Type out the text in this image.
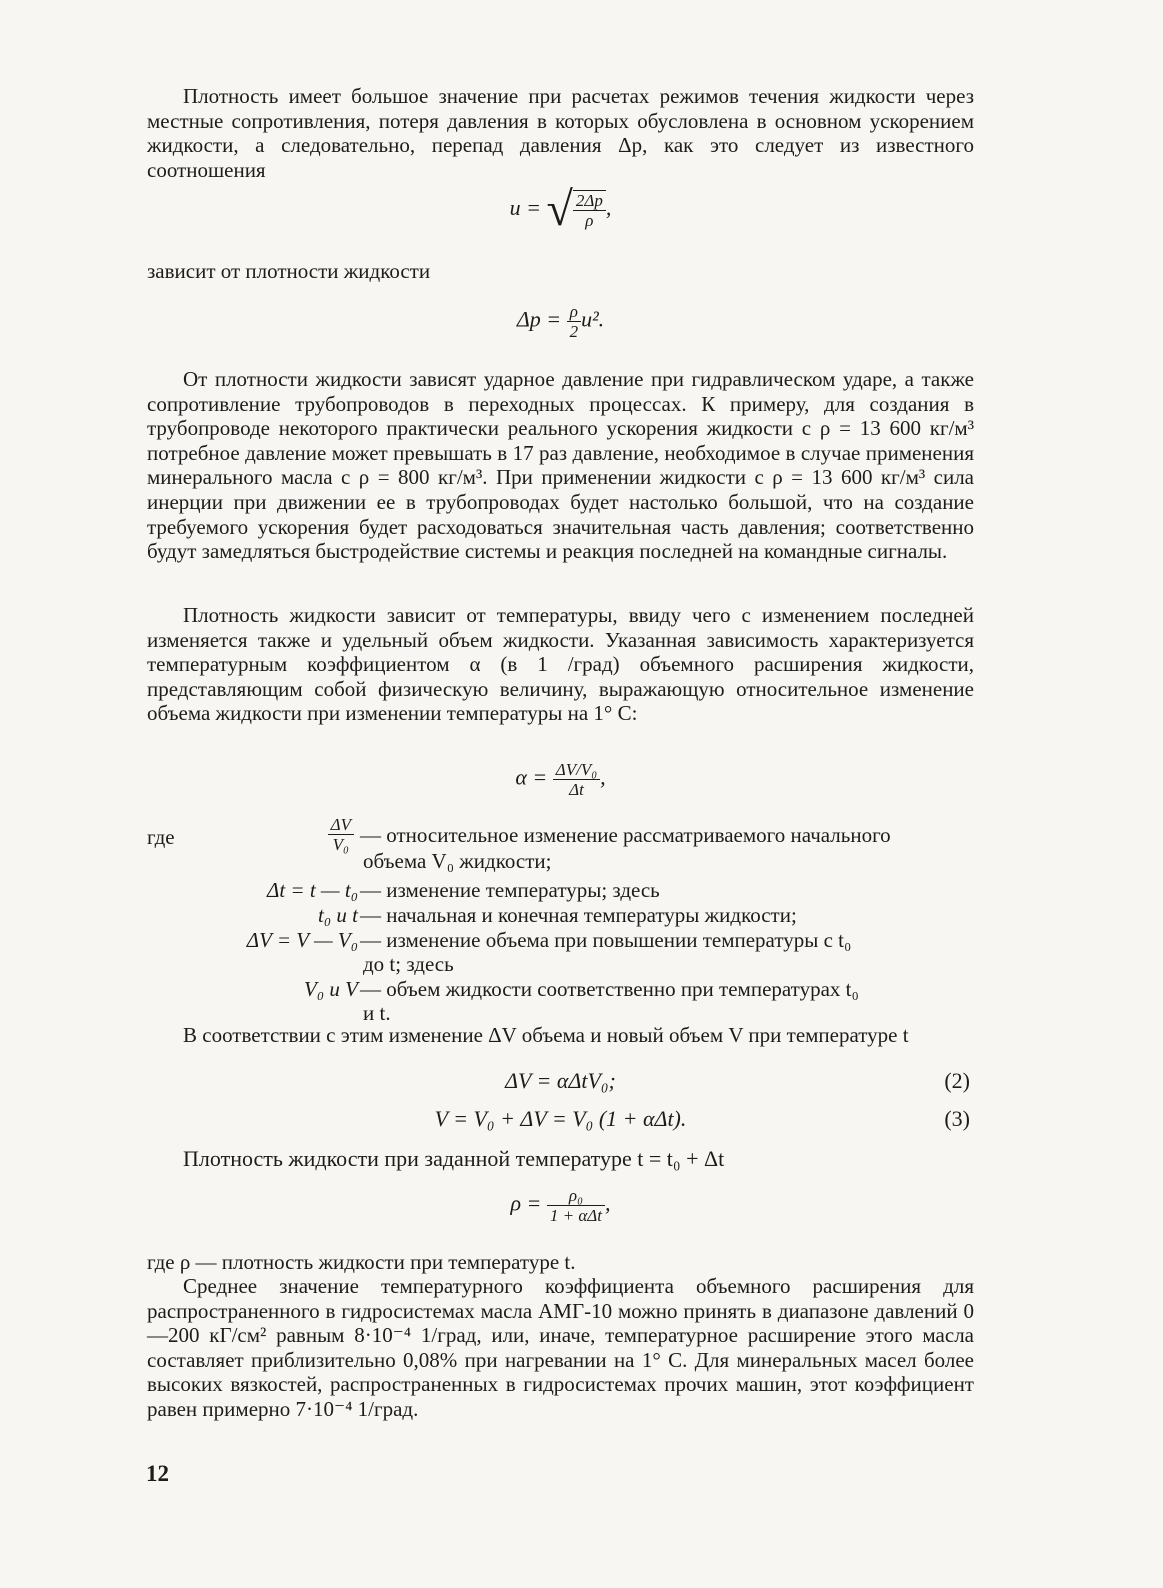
Плотность имеет большое значение при расчетах режимов течения жидкости через местные сопротивления, потеря давления в которых обусловлена в основном ускорением жидкости, а следовательно, перепад давления Δp, как это следует из известного соотношения

u = √ $\frac{2\Delta p}{\rho}$ ,

зависит от плотности жидкости

$\Delta p = \frac{\rho}{2} u^2$.

От плотности жидкости зависят ударное давление при гидравлическом ударе, а также сопротивление трубопроводов в переходных процессах. К примеру, для создания в трубопроводе некоторого практически реального ускорения жидкости с ρ = 13 600 кг/м³ потребное давление может превышать в 17 раз давление, необходимое в случае применения минерального масла с ρ = 800 кг/м³. При применении жидкости с ρ = 13 600 кг/м³ сила инерции при движении ее в трубопроводах будет настолько большой, что на создание требуемого ускорения будет расходоваться значительная часть давления; соответственно будут замедляться быстродействие системы и реакция последней на командные сигналы.

Плотность жидкости зависит от температуры, ввиду чего с изменением последней изменяется также и удельный объем жидкости. Указанная зависимость характеризуется температурным коэффициентом α (в 1 /град) объемного расширения жидкости, представляющим собой физическую величину, выражающую относительное изменение объема жидкости при изменении температуры на 1° С:

$\alpha = \frac{\text{ΔV/V₀}}{\Delta t}$ ,
где	$\frac{\Delta V}{\text{V₀}}$ — относительное изменение рассматриваемого начального
объема V₀ жидкости;
Δt = t — t₀ — изменение температуры; здесь
t₀ и t — начальная и конечная температуры жидкости;
ΔV = V — V₀ — изменение объема при повышении температуры с t₀
до t; здесь
V₀ и V — объем жидкости соответственно при температурах t₀
и t.

В соответствии с этим изменение ΔV объема и новый объем V при температуре t

ΔV = αΔtV₀;	(2)
V = V₀ + ΔV = V₀ (1 + αΔt).	(3)

Плотность жидкости при заданной температуре t = t₀ + Δt

$\rho = \frac{\text{ρ₀}}{\text{1 + αΔt}}$ ,

где ρ — плотность жидкости при температуре t.

Среднее значение температурного коэффициента объемного расширения для распространенного в гидросистемах масла АМГ-10 можно принять в диапазоне давлений 0—200 кГ/см² равным 8·10⁻⁴ 1/град, или, иначе, температурное расширение этого масла составляет приблизительно 0,08% при нагревании на 1° С. Для минеральных масел более высоких вязкостей, распространенных в гидросистемах прочих машин, этот коэффициент равен примерно 7·10⁻⁴ 1/град.

12
